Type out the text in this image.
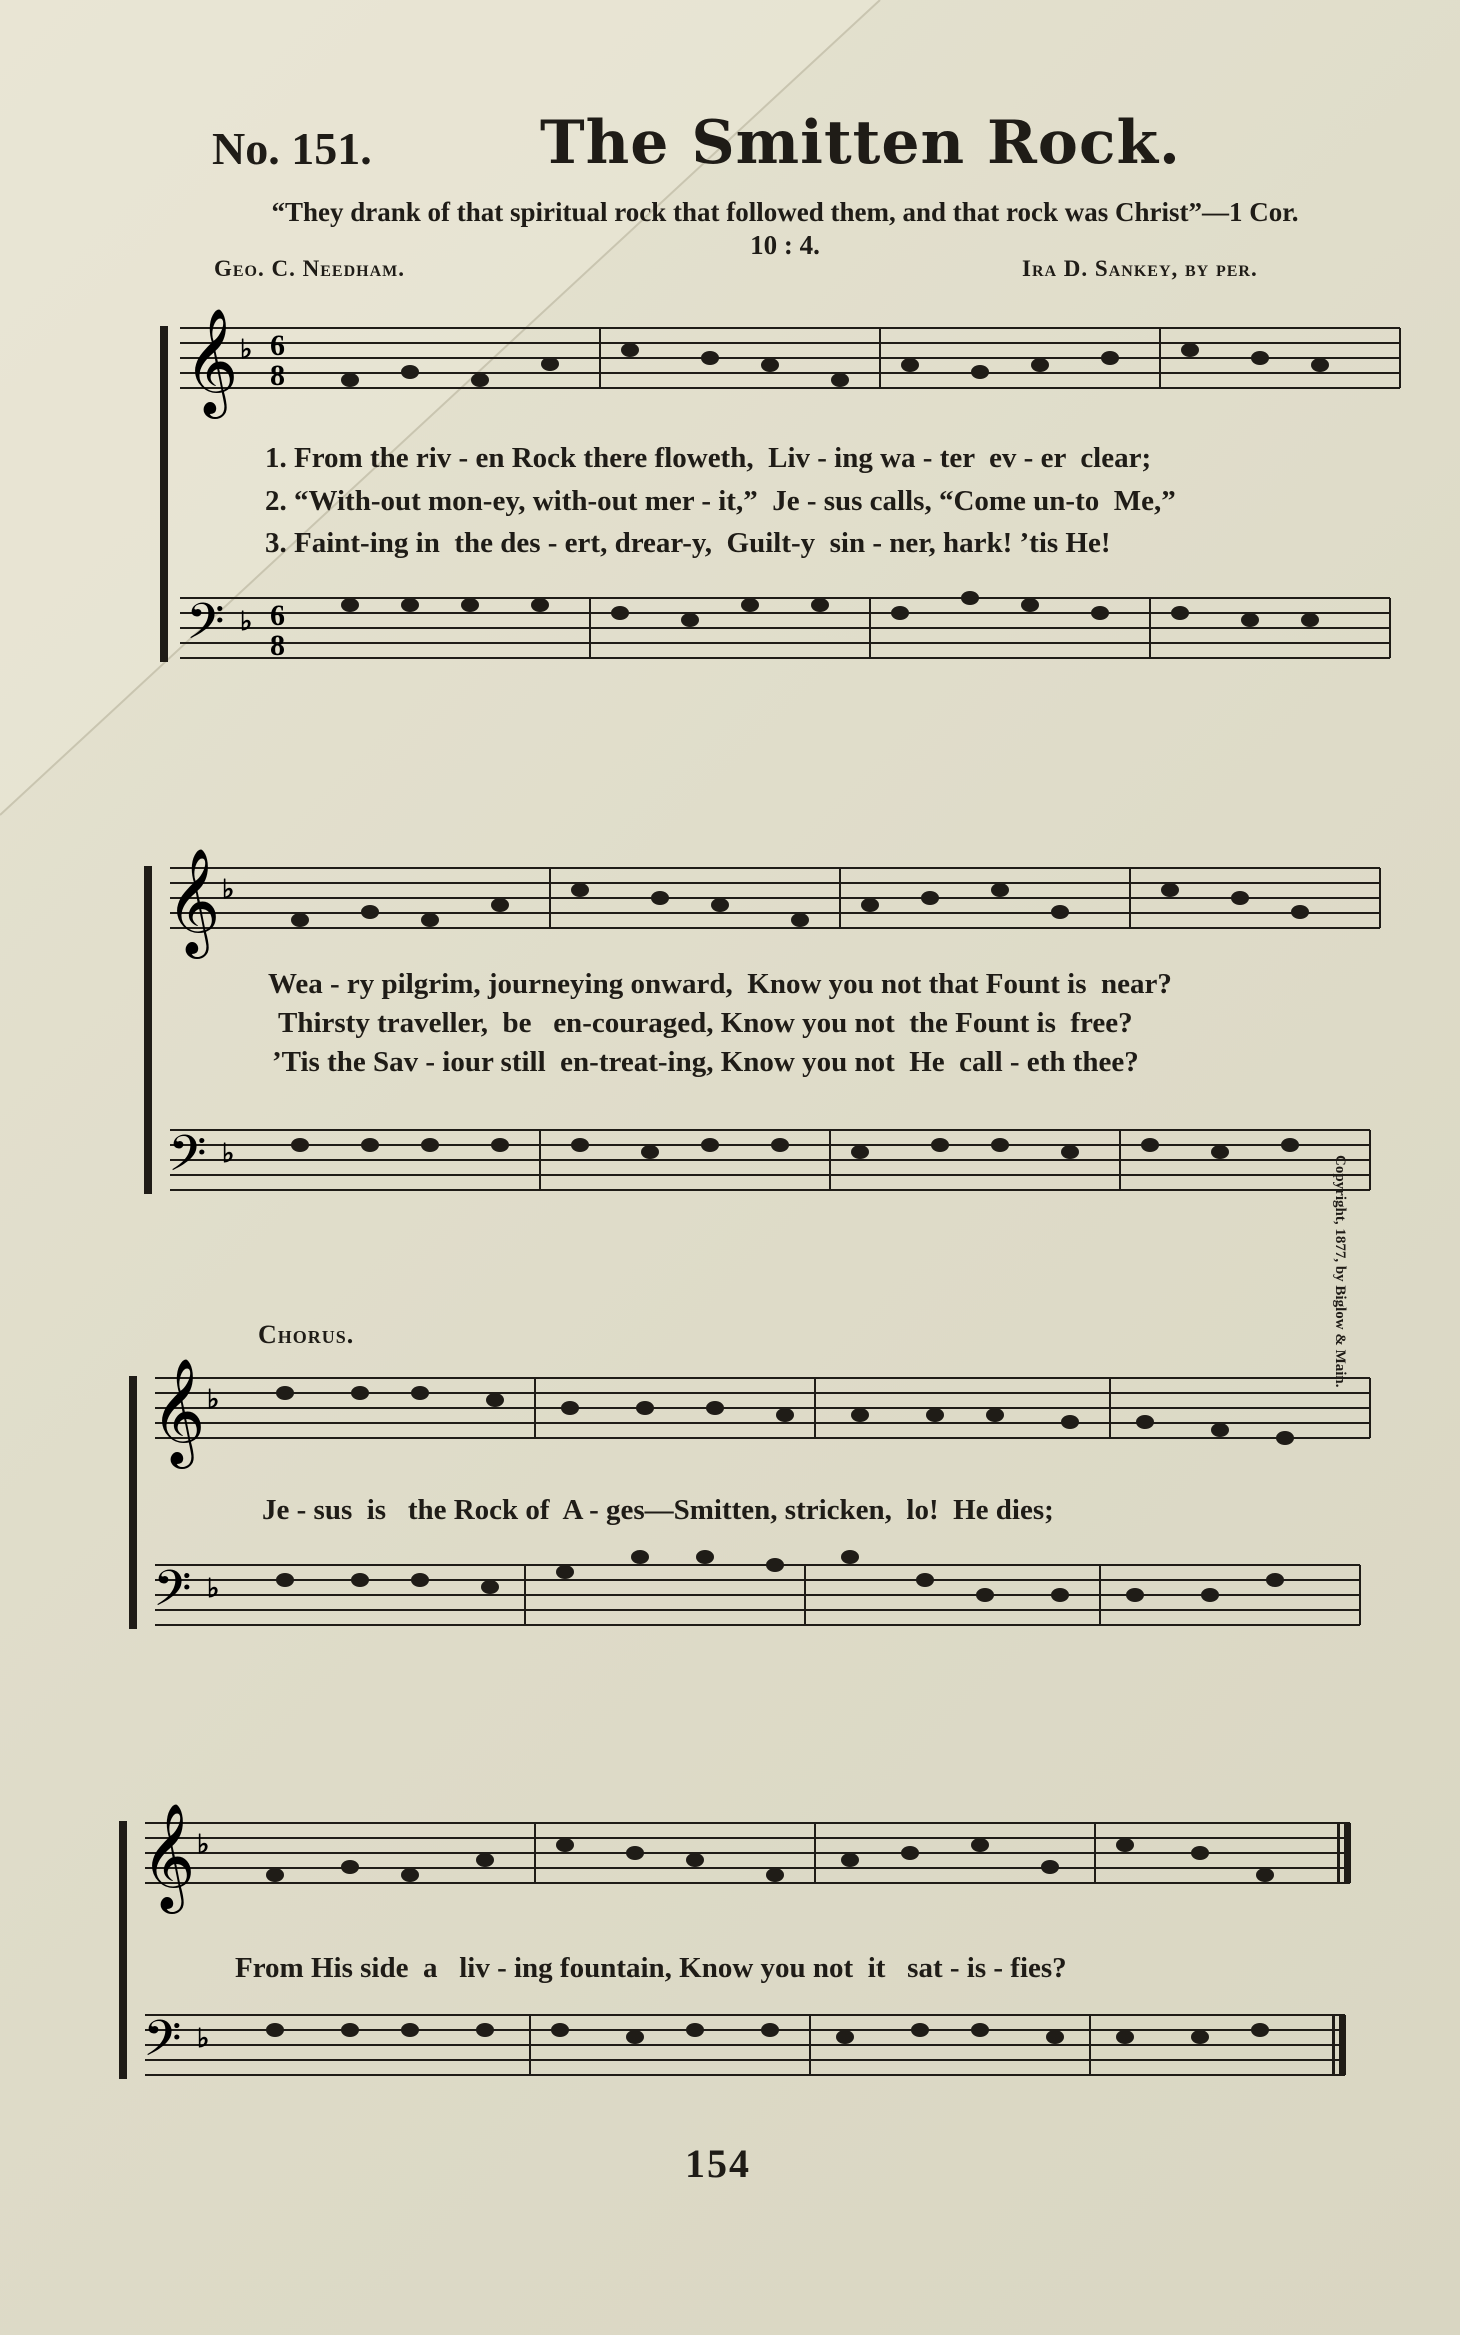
No. 151.	The Smitten Rock.
“They drank of that spiritual rock that followed them, and that rock was Christ”—1 Cor. 10 : 4.
Geo. C. Needham.	Ira D. Sankey, by per.
𝄞
𝄢
♭
♭
6
8
6
8
1. From the riv - en Rock there floweth,  Liv - ing wa - ter  ev - er  clear;
2. “With-out mon-ey, with-out mer - it,”  Je - sus calls, “Come un-to  Me,”
3. Faint-ing in  the des - ert, drear-y,  Guilt-y  sin - ner, hark! ’tis He!
𝄞
𝄢
♭
♭
Wea - ry pilgrim, journeying onward,  Know you not that Fount is  near?
Thirsty traveller,  be   en-couraged, Know you not  the Fount is  free?
’Tis the Sav - iour still  en-treat-ing, Know you not  He  call - eth thee?
Copyright, 1877, by Biglow & Main.
Chorus.
𝄞
𝄢
♭
♭
Je - sus  is   the Rock of  A - ges—Smitten, stricken,  lo!  He dies;
𝄞
𝄢
♭
♭
From His side  a   liv - ing fountain, Know you not  it   sat - is - fies?
154
